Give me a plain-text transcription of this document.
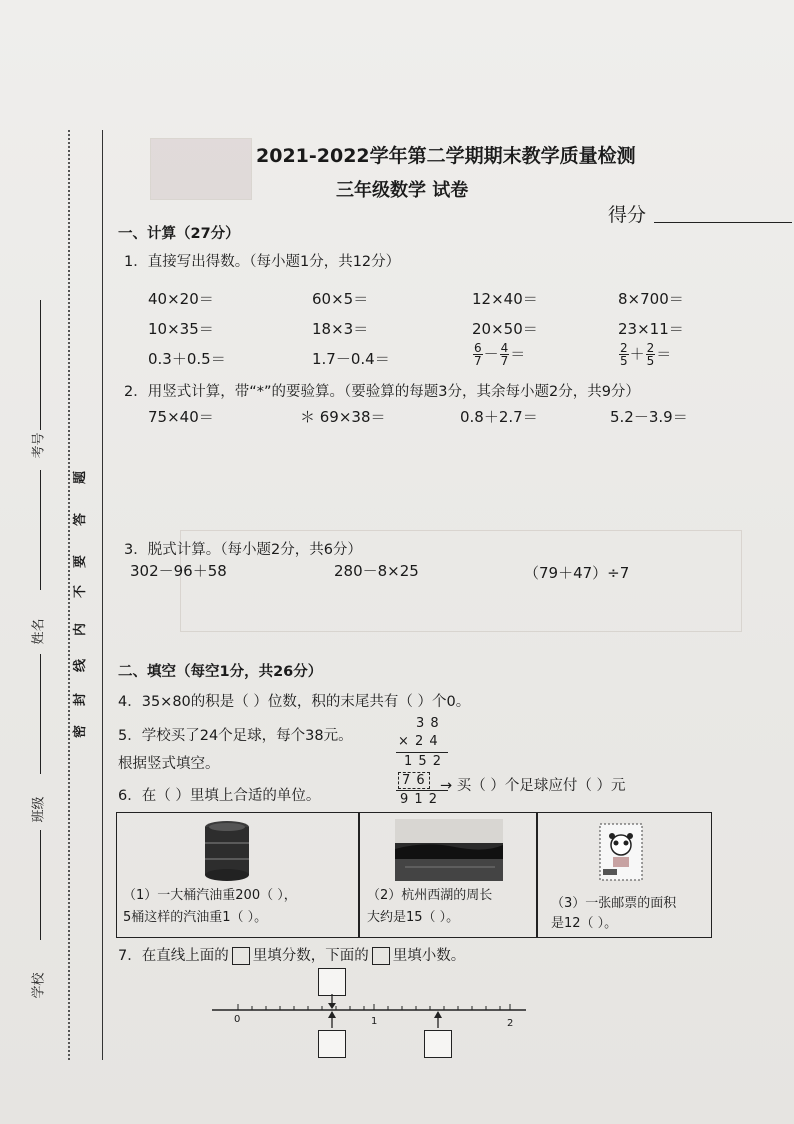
考号
姓名
班级
学校
题
答
要
不
内
线
封
密
2021-2022学年第二学期期末教学质量检测
三年级数学 试卷
得分
一、计算（27分）
1．直接写出得数。（每小题1分，共12分）
40×20＝	60×5＝	12×40＝	8×700＝
10×35＝	18×3＝	20×50＝	23×11＝
0.3＋0.5＝	1.7－0.4＝	$\frac{6}{7} - \frac{4}{7}$ ＝	$\frac{2}{5} + \frac{2}{5}$ ＝
2．用竖式计算，带“*”的要验算。（要验算的每题3分，其余每小题2分，共9分）
75×40＝	＊ 69×38＝	0.8＋2.7＝	5.2－3.9＝
3．脱式计算。（每小题2分，共6分）
302－96＋58	280－8×25	（79＋47）÷7
二、填空（每空1分，共26分）
4．35×80的积是（ ）位数，积的末尾共有（ ）个0。
5．学校买了24个足球，每个38元。
根据竖式填空。
3 8
× 2 4
1 5 2
7 6
9 1 2
→ 买（ ）个足球应付（ ）元
6．在（ ）里填上合适的单位。
（1）一大桶汽油重200（ ），
5桶这样的汽油重1（ ）。
（2）杭州西湖的周长
大约是15（ ）。
（3）一张邮票的面积
是12（ ）。
7．在直线上面的 里填分数，下面的 里填小数。
0	1	2
